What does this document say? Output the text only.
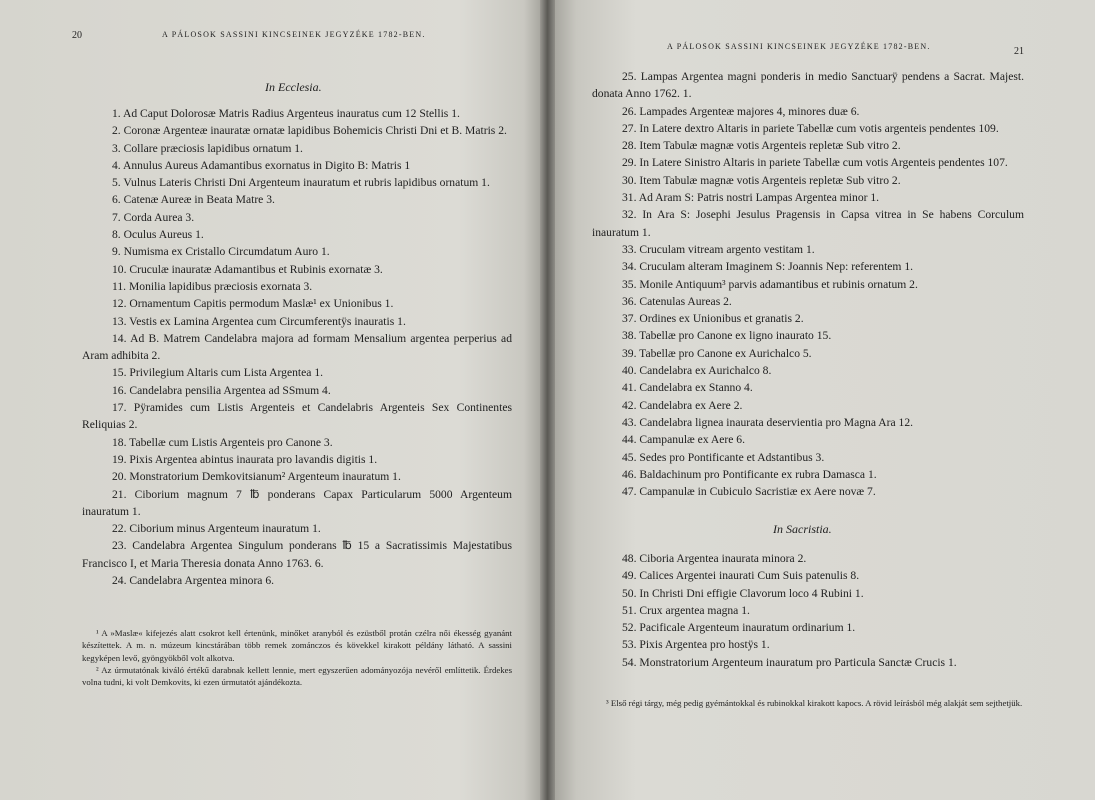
20	A PÁLOSOK SASSINI KINCSEINEK JEGYZÉKE 1782-BEN.
In Ecclesia.

1. Ad Caput Dolorosæ Matris Radius Argenteus inauratus cum 12 Stellis 1.

2. Coronæ Argenteæ inauratæ ornatæ lapidibus Bohemicis Christi Dni et B. Matris 2.

3. Collare præciosis lapidibus ornatum 1.

4. Annulus Aureus Adamantibus exornatus in Digito B: Matris 1

5. Vulnus Lateris Christi Dni Argenteum inauratum et rubris lapidibus ornatum 1.

6. Catenæ Aureæ in Beata Matre 3.

7. Corda Aurea 3.

8. Oculus Aureus 1.

9. Numisma ex Cristallo Circumdatum Auro 1.

10. Cruculæ inauratæ Adamantibus et Rubinis exornatæ 3.

11. Monilia lapidibus præciosis exornata 3.

12. Ornamentum Capitis permodum Maslæ¹ ex Unionibus 1.

13. Vestis ex Lamina Argentea cum Circumferentÿs inauratis 1.

14. Ad B. Matrem Candelabra majora ad formam Mensalium argentea perperius ad Aram adhibita 2.

15. Privilegium Altaris cum Lista Argentea 1.

16. Candelabra pensilia Argentea ad SSmum 4.

17. Pÿramides cum Listis Argenteis et Candelabris Argenteis Sex Continentes Reliquias 2.

18. Tabellæ cum Listis Argenteis pro Canone 3.

19. Pixis Argentea abintus inaurata pro lavandis digitis 1.

20. Monstratorium Demkovitsianum² Argenteum inauratum 1.

21. Ciborium magnum 7 ℔ ponderans Capax Particularum 5000 Argenteum inauratum 1.

22. Ciborium minus Argenteum inauratum 1.

23. Candelabra Argentea Singulum ponderans ℔ 15 a Sacratissimis Majestatibus Francisco I, et Maria Theresia donata Anno 1763. 6.

24. Candelabra Argentea minora 6.

¹ A »Maslæ« kifejezés alatt csokrot kell értenünk, minőket aranyból és ezüstből protán czélra női ékesség gyanánt készítettek. A m. n. múzeum kincstárában több remek zománczos és kövekkel kirakott példány látható. A sassini kegyképen levő, gyöngyökből volt alkotva.

² Az úrmutatónak kiváló értékű darabnak kellett lennie, mert egyszerűen adományozója nevéről említtetik. Érdekes volna tudni, ki volt Demkovits, ki ezen úrmutatót ajándékozta.

A PÁLOSOK SASSINI KINCSEINEK JEGYZÉKE 1782-BEN.	21

25. Lampas Argentea magni ponderis in medio Sanctuarÿ pendens a Sacrat. Majest. donata Anno 1762. 1.

26. Lampades Argenteæ majores 4, minores duæ 6.

27. In Latere dextro Altaris in pariete Tabellæ cum votis argenteis pendentes 109.

28. Item Tabulæ magnæ votis Argenteis repletæ Sub vitro 2.

29. In Latere Sinistro Altaris in pariete Tabellæ cum votis Argenteis pendentes 107.

30. Item Tabulæ magnæ votis Argenteis repletæ Sub vitro 2.

31. Ad Aram S: Patris nostri Lampas Argentea minor 1.

32. In Ara S: Josephi Jesulus Pragensis in Capsa vitrea in Se habens Corculum inauratum 1.

33. Cruculam vitream argento vestitam 1.

34. Cruculam alteram Imaginem S: Joannis Nep: referentem 1.

35. Monile Antiquum³ parvis adamantibus et rubinis ornatum 2.

36. Catenulas Aureas 2.

37. Ordines ex Unionibus et granatis 2.

38. Tabellæ pro Canone ex ligno inaurato 15.

39. Tabellæ pro Canone ex Aurichalco 5.

40. Candelabra ex Aurichalco 8.

41. Candelabra ex Stanno 4.

42. Candelabra ex Aere 2.

43. Candelabra lignea inaurata deservientia pro Magna Ara 12.

44. Campanulæ ex Aere 6.

45. Sedes pro Pontificante et Adstantibus 3.

46. Baldachinum pro Pontificante ex rubra Damasca 1.

47. Campanulæ in Cubiculo Sacristiæ ex Aere novæ 7.

In Sacristia.

48. Ciboria Argentea inaurata minora 2.

49. Calices Argentei inaurati Cum Suis patenulis 8.

50. In Christi Dni effigie Clavorum loco 4 Rubini 1.

51. Crux argentea magna 1.

52. Pacificale Argenteum inauratum ordinarium 1.

53. Pixis Argentea pro hostÿs 1.

54. Monstratorium Argenteum inauratum pro Particula Sanctæ Crucis 1.

³ Első régi tárgy, még pedig gyémántokkal és rubinokkal kirakott kapocs. A rövid leírásból még alakját sem sejthetjük.
